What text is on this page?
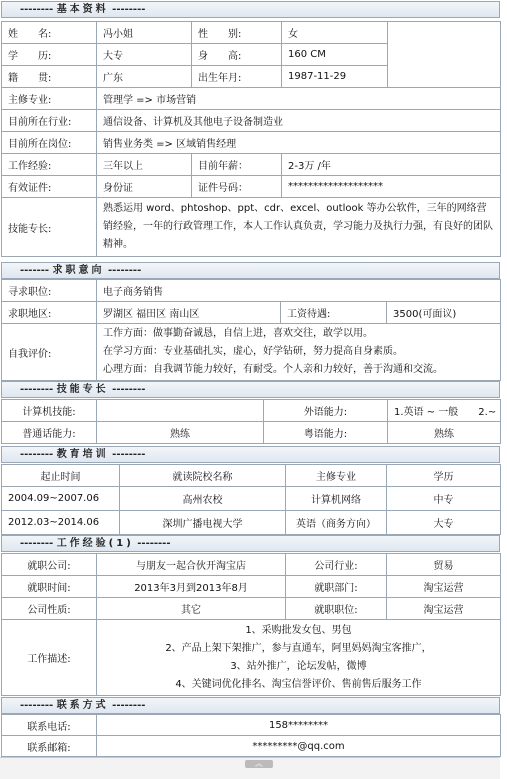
-------- 基本资料 --------
姓　　名:	冯小姐	性　　别:	女	
学　　历:	大专	身　　高:	160 CM	
籍　　贯:	广东	出生年月:	1987-11-29	
主修专业:	管理学 => 市场营销			
目前所在行业:	通信设备、计算机及其他电子设备制造业			
目前所在岗位:	销售业务类 => 区域销售经理			
工作经验:	三年以上	目前年薪：	2-3万 /年	
有效证件:	身份证	证件号码：	*******************	
技能专长:	熟悉运用 word、phtoshop、ppt、cdr、excel、outlook 等办公软件，三年的网络营销经验，一年的行政管理工作，本人工作认真负责，学习能力及执行力强，有良好的团队精神。			
------- 求职意向 --------
寻求职位:	电子商务销售		
求职地区:	罗湖区 福田区 南山区	工资待遇:	3500(可面议)
自我评价:	工作方面：做事勤奋诚恳，自信上进，喜欢交往，敢学以用。
在学习方面：专业基础扎实，虚心，好学钻研，努力提高自身素质。
心理方面：自我调节能力较好，有耐受。个人亲和力较好，善于沟通和交流。		
-------- 技能专长 --------
计算机技能:		外语能力:	1.英语 ~ 一般　　2.~
普通话能力:	熟练	粤语能力:	熟练
-------- 教育培训 --------
起止时间	就读院校名称	主修专业	学历
2004.09~2007.06	高州农校	计算机网络	中专
2012.03~2014.06	深圳广播电视大学	英语（商务方向）	大专
-------- 工作经验(1) --------
就职公司:	与朋友一起合伙开淘宝店	公司行业:	贸易
就职时间:	2013年3月到2013年8月	就职部门:	淘宝运营
公司性质:	其它	就职职位:	淘宝运营
工作描述:	1、采购批发女包、男包
2、产品上架下架推广，参与直通车，阿里妈妈淘宝客推广，
3、站外推广，论坛发帖，微博
4、关键词优化排名、淘宝信誉评价、售前售后服务工作		
-------- 联系方式 --------
联系电话:	158********
联系邮箱:	*********@qq.com
︽
